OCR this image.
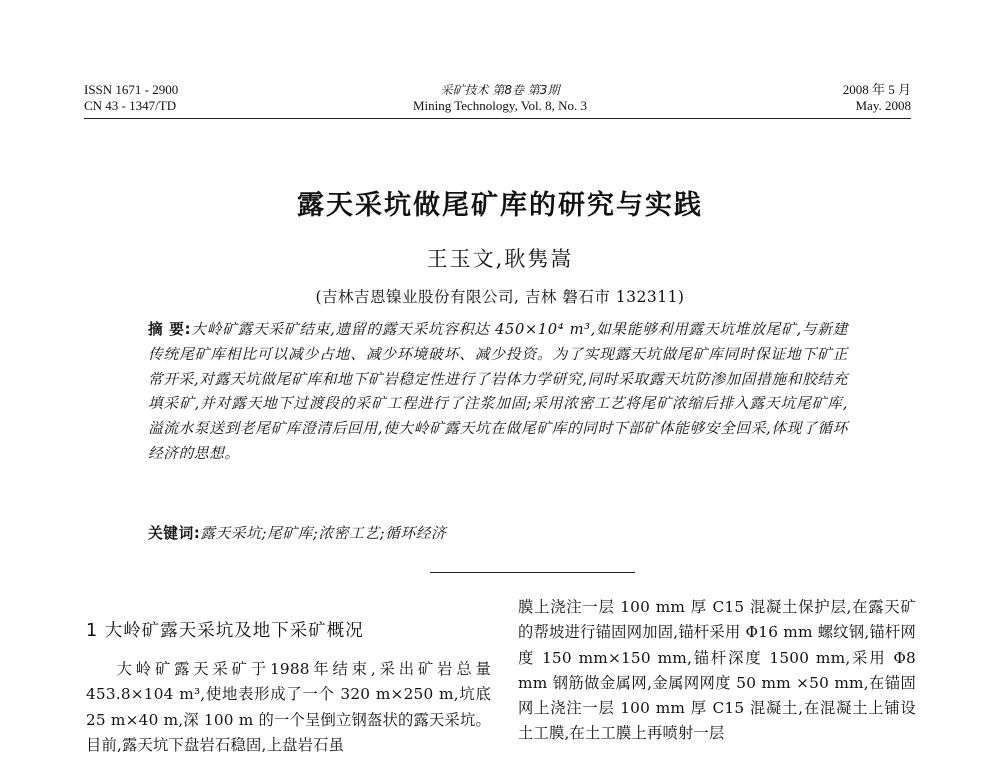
ISSN 1671 - 2900
CN 43 - 1347/TD
采矿技术 第8卷 第3期
Mining Technology, Vol. 8, No. 3
2008 年 5 月
May. 2008
露天采坑做尾矿库的研究与实践
王玉文,耿隽嵩
(吉林吉恩镍业股份有限公司, 吉林 磐石市 132311)
摘 要:大岭矿露天采矿结束,遗留的露天采坑容积达 450×10⁴ m³,如果能够利用露天坑堆放尾矿,与新建传统尾矿库相比可以减少占地、减少环境破坏、减少投资。为了实现露天坑做尾矿库同时保证地下矿正常开采,对露天坑做尾矿库和地下矿岩稳定性进行了岩体力学研究,同时采取露天坑防渗加固措施和胶结充填采矿,并对露天地下过渡段的采矿工程进行了注浆加固;采用浓密工艺将尾矿浓缩后排入露天坑尾矿库,溢流水泵送到老尾矿库澄清后回用,使大岭矿露天坑在做尾矿库的同时下部矿体能够安全回采,体现了循环经济的思想。
关键词:露天采坑;尾矿库;浓密工艺;循环经济
1 大岭矿露天采坑及地下采矿概况

大岭矿露天采矿于1988年结束,采出矿岩总量453.8×104 m³,使地表形成了一个 320 m×250 m,坑底 25 m×40 m,深 100 m 的一个呈倒立钢盔状的露天采坑。目前,露天坑下盘岩石稳固,上盘岩石虽

膜上浇注一层 100 mm 厚 C15 混凝土保护层,在露天矿的帮坡进行锚固网加固,锚杆采用 Φ16 mm 螺纹钢,锚杆网度 150 mm×150 mm,锚杆深度 1500 mm,采用 Φ8 mm 钢筋做金属网,金属网网度 50 mm ×50 mm,在锚固网上浇注一层 100 mm 厚 C15 混凝土,在混凝土上铺设土工膜,在土工膜上再喷射一层
